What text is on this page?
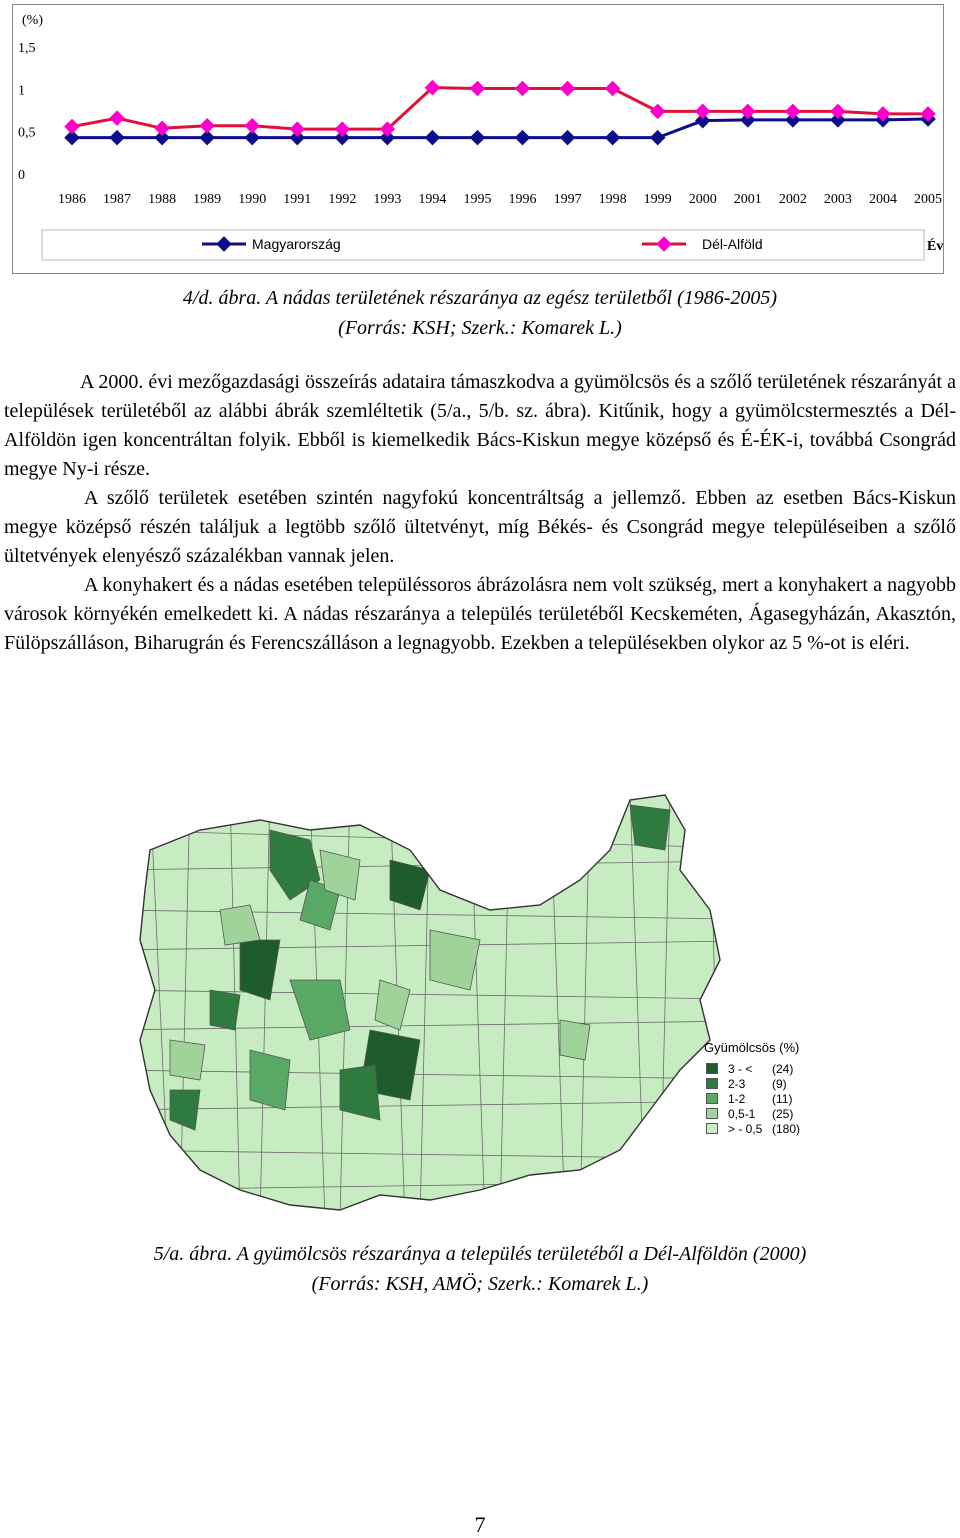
(%)
1,5
1
0,5
0
1986 1987 1988 1989 1990 1991 1992 1993 1994 1995 1996 1997 1998 1999 2000 2001 2002 2003 2004 2005
Magyarország	Dél-Alföld	Év
4/d. ábra. A nádas területének részaránya az egész területből (1986-2005)
(Forrás: KSH; Szerk.: Komarek L.)

A 2000. évi mezőgazdasági összeírás adataira támaszkodva a gyümölcsös és a szőlő területének részarányát a települések területéből az alábbi ábrák szemléltetik (5/a., 5/b. sz. ábra). Kitűnik, hogy a gyümölcstermesztés a Dél-Alföldön igen koncentráltan folyik. Ebből is kiemelkedik Bács-Kiskun megye középső és É-ÉK-i, továbbá Csongrád megye Ny-i része.

A szőlő területek esetében szintén nagyfokú koncentráltság a jellemző. Ebben az esetben Bács-Kiskun megye középső részén találjuk a legtöbb szőlő ültetvényt, míg Békés- és Csongrád megye településeiben a szőlő ültetvények elenyésző százalékban vannak jelen.

A konyhakert és a nádas esetében településsoros ábrázolásra nem volt szükség, mert a konyhakert a nagyobb városok környékén emelkedett ki. A nádas részaránya a település területéből Kecskeméten, Ágasegyházán, Akasztón, Fülöpszálláson, Biharugrán és Ferencszálláson a legnagyobb. Ezekben a településekben olykor az 5 %-ot is eléri.

Gyümölcsös (%)
3 - < (24)
2-3 (9)
1-2 (11)
0,5-1 (25)
> - 0,5 (180)
5/a. ábra. A gyümölcsös részaránya a település területéből a Dél-Alföldön (2000)
(Forrás: KSH, AMÖ; Szerk.: Komarek L.)
7
